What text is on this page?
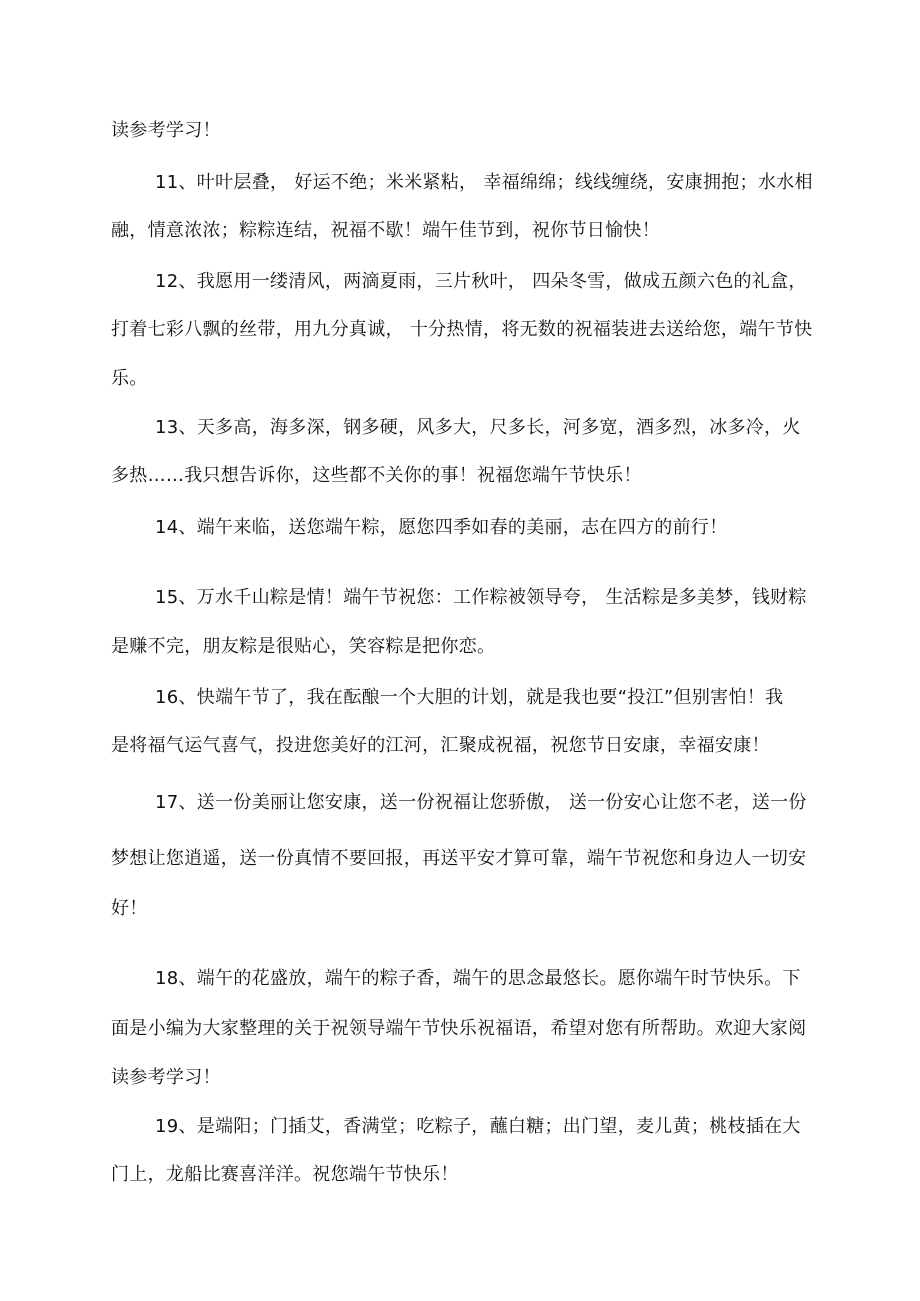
读参考学习！
11、叶叶层叠， 好运不绝；米米紧粘， 幸福绵绵；线线缠绕，安康拥抱；水水相
融，情意浓浓；粽粽连结，祝福不歇！端午佳节到，祝你节日愉快！
12、我愿用一缕清风，两滴夏雨，三片秋叶， 四朵冬雪，做成五颜六色的礼盒，
打着七彩八飘的丝带，用九分真诚， 十分热情，将无数的祝福装进去送给您，端午节快
乐。
13、天多高，海多深，钢多硬，风多大，尺多长，河多宽，酒多烈，冰多冷，火
多热……我只想告诉你，这些都不关你的事！祝福您端午节快乐！
14、端午来临，送您端午粽，愿您四季如春的美丽，志在四方的前行！
15、万水千山粽是情！端午节祝您：工作粽被领导夸， 生活粽是多美梦，钱财粽
是赚不完，朋友粽是很贴心，笑容粽是把你恋。
16、快端午节了，我在酝酿一个大胆的计划，就是我也要“投江”但别害怕！我
是将福气运气喜气，投进您美好的江河，汇聚成祝福，祝您节日安康，幸福安康！
17、送一份美丽让您安康，送一份祝福让您骄傲， 送一份安心让您不老，送一份
梦想让您逍遥，送一份真情不要回报，再送平安才算可靠，端午节祝您和身边人一切安
好！
18、端午的花盛放，端午的粽子香，端午的思念最悠长。愿你端午时节快乐。下
面是小编为大家整理的关于祝领导端午节快乐祝福语，希望对您有所帮助。欢迎大家阅
读参考学习！
19、是端阳；门插艾，香满堂；吃粽子，蘸白糖；出门望，麦儿黄；桃枝插在大
门上，龙船比赛喜洋洋。祝您端午节快乐！
